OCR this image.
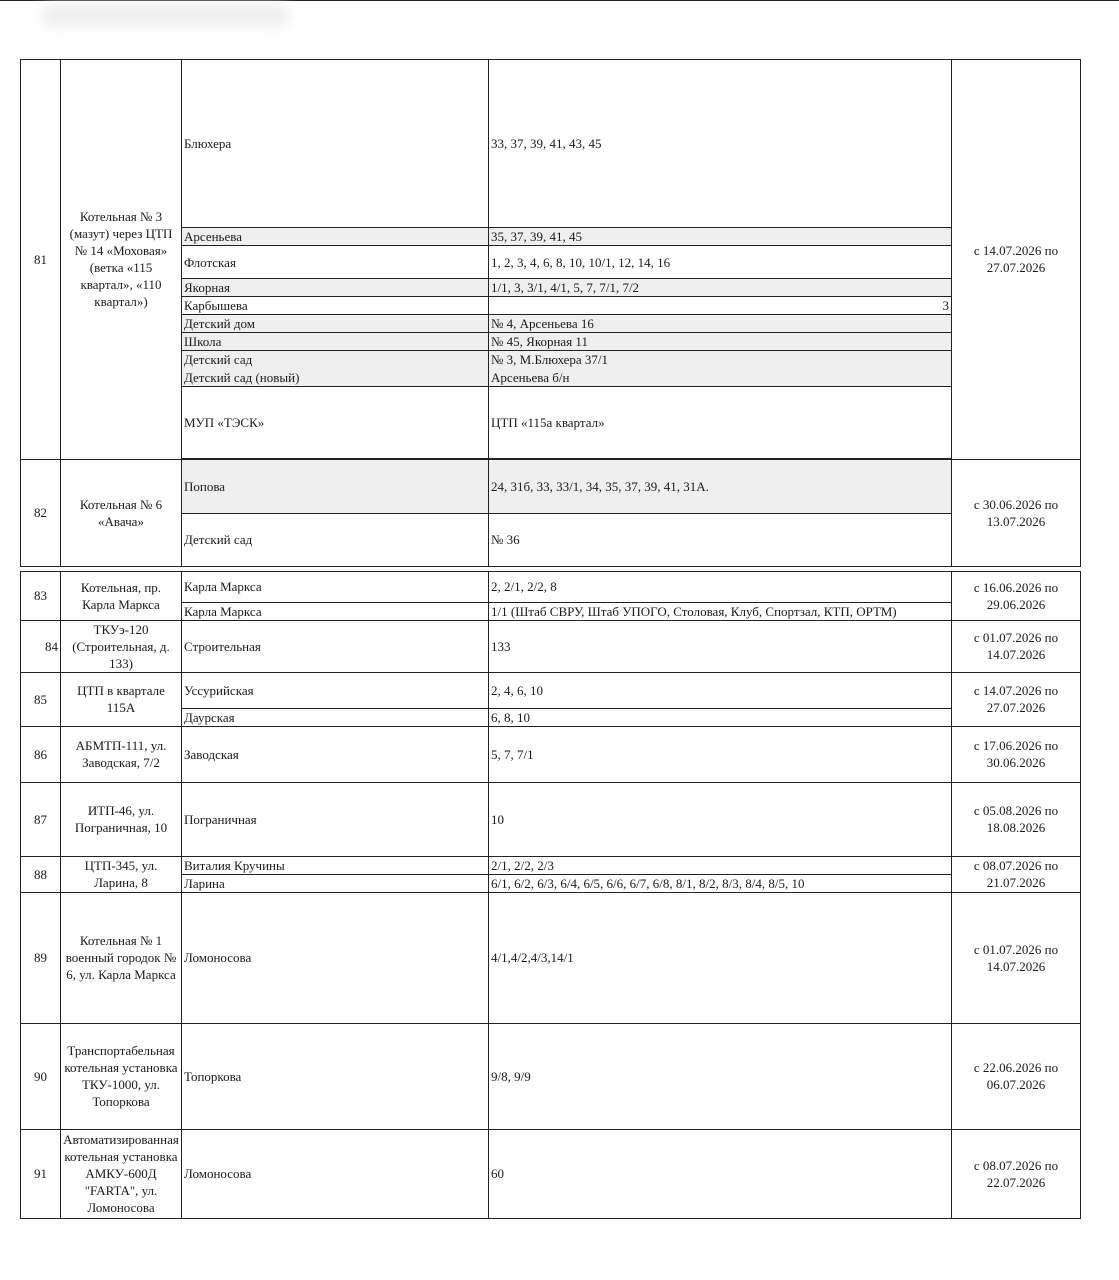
81	Котельная № 3 (мазут) через ЦТП № 14 «Моховая» (ветка «115 квартал», «110 квартал»)	Блюхера	33, 37, 39, 41, 43, 45	с 14.07.2026 по 27.07.2026
		Арсеньева	35, 37, 39, 41, 45	
		Флотская	1, 2, 3, 4, 6, 8, 10, 10/1, 12, 14, 16	
		Якорная	1/1, 3, 3/1, 4/1, 5, 7, 7/1, 7/2	
		Карбышева	3	
		Детский дом	№ 4, Арсеньева 16	
		Школа	№ 45, Якорная 11	
		Детский сад	№ 3, М.Блюхера 37/1	
		Детский сад (новый)	Арсеньева б/н	
		МУП «ТЭСК»	ЦТП «115а квартал»	

82	Котельная № 6 «Авача»	Попова	24, 31б, 33, 33/1, 34, 35, 37, 39, 41, 31А.	с 30.06.2026 по 13.07.2026
		Детский сад	№ 36	

83	Котельная, пр. Карла Маркса	Карла Маркса	2, 2/1, 2/2, 8	с 16.06.2026 по 29.06.2026
		Карла Маркса	1/1 (Штаб СВРУ, Штаб УПОГО, Столовая, Клуб, Спортзал, КТП, ОРТМ)	
84	ТКУэ-120 (Строительная, д. 133)	Строительная	133	с 01.07.2026 по 14.07.2026
85	ЦТП в квартале 115А	Уссурийская	2, 4, 6, 10	с 14.07.2026 по 27.07.2026
		Даурская	6, 8, 10	
86	АБМТП-111, ул. Заводская, 7/2	Заводская	5, 7, 7/1	с 17.06.2026 по 30.06.2026
87	ИТП-46, ул. Пограничная, 10	Пограничная	10	с 05.08.2026 по 18.08.2026
88	ЦТП-345, ул. Ларина, 8	Виталия Кручины	2/1, 2/2, 2/3	с 08.07.2026 по 21.07.2026
		Ларина	6/1, 6/2, 6/3, 6/4, 6/5, 6/6, 6/7, 6/8, 8/1, 8/2, 8/3, 8/4, 8/5, 10	
89	Котельная № 1 военный городок № 6, ул. Карла Маркса	Ломоносова	4/1,4/2,4/3,14/1	с 01.07.2026 по 14.07.2026
90	Транспортабельная котельная установка ТКУ-1000, ул. Топоркова	Топоркова	9/8, 9/9	с 22.06.2026 по 06.07.2026
91	Автоматизированная котельная установка АМКУ-600Д "FARTA", ул. Ломоносова	Ломоносова	60	с 08.07.2026 по 22.07.2026
